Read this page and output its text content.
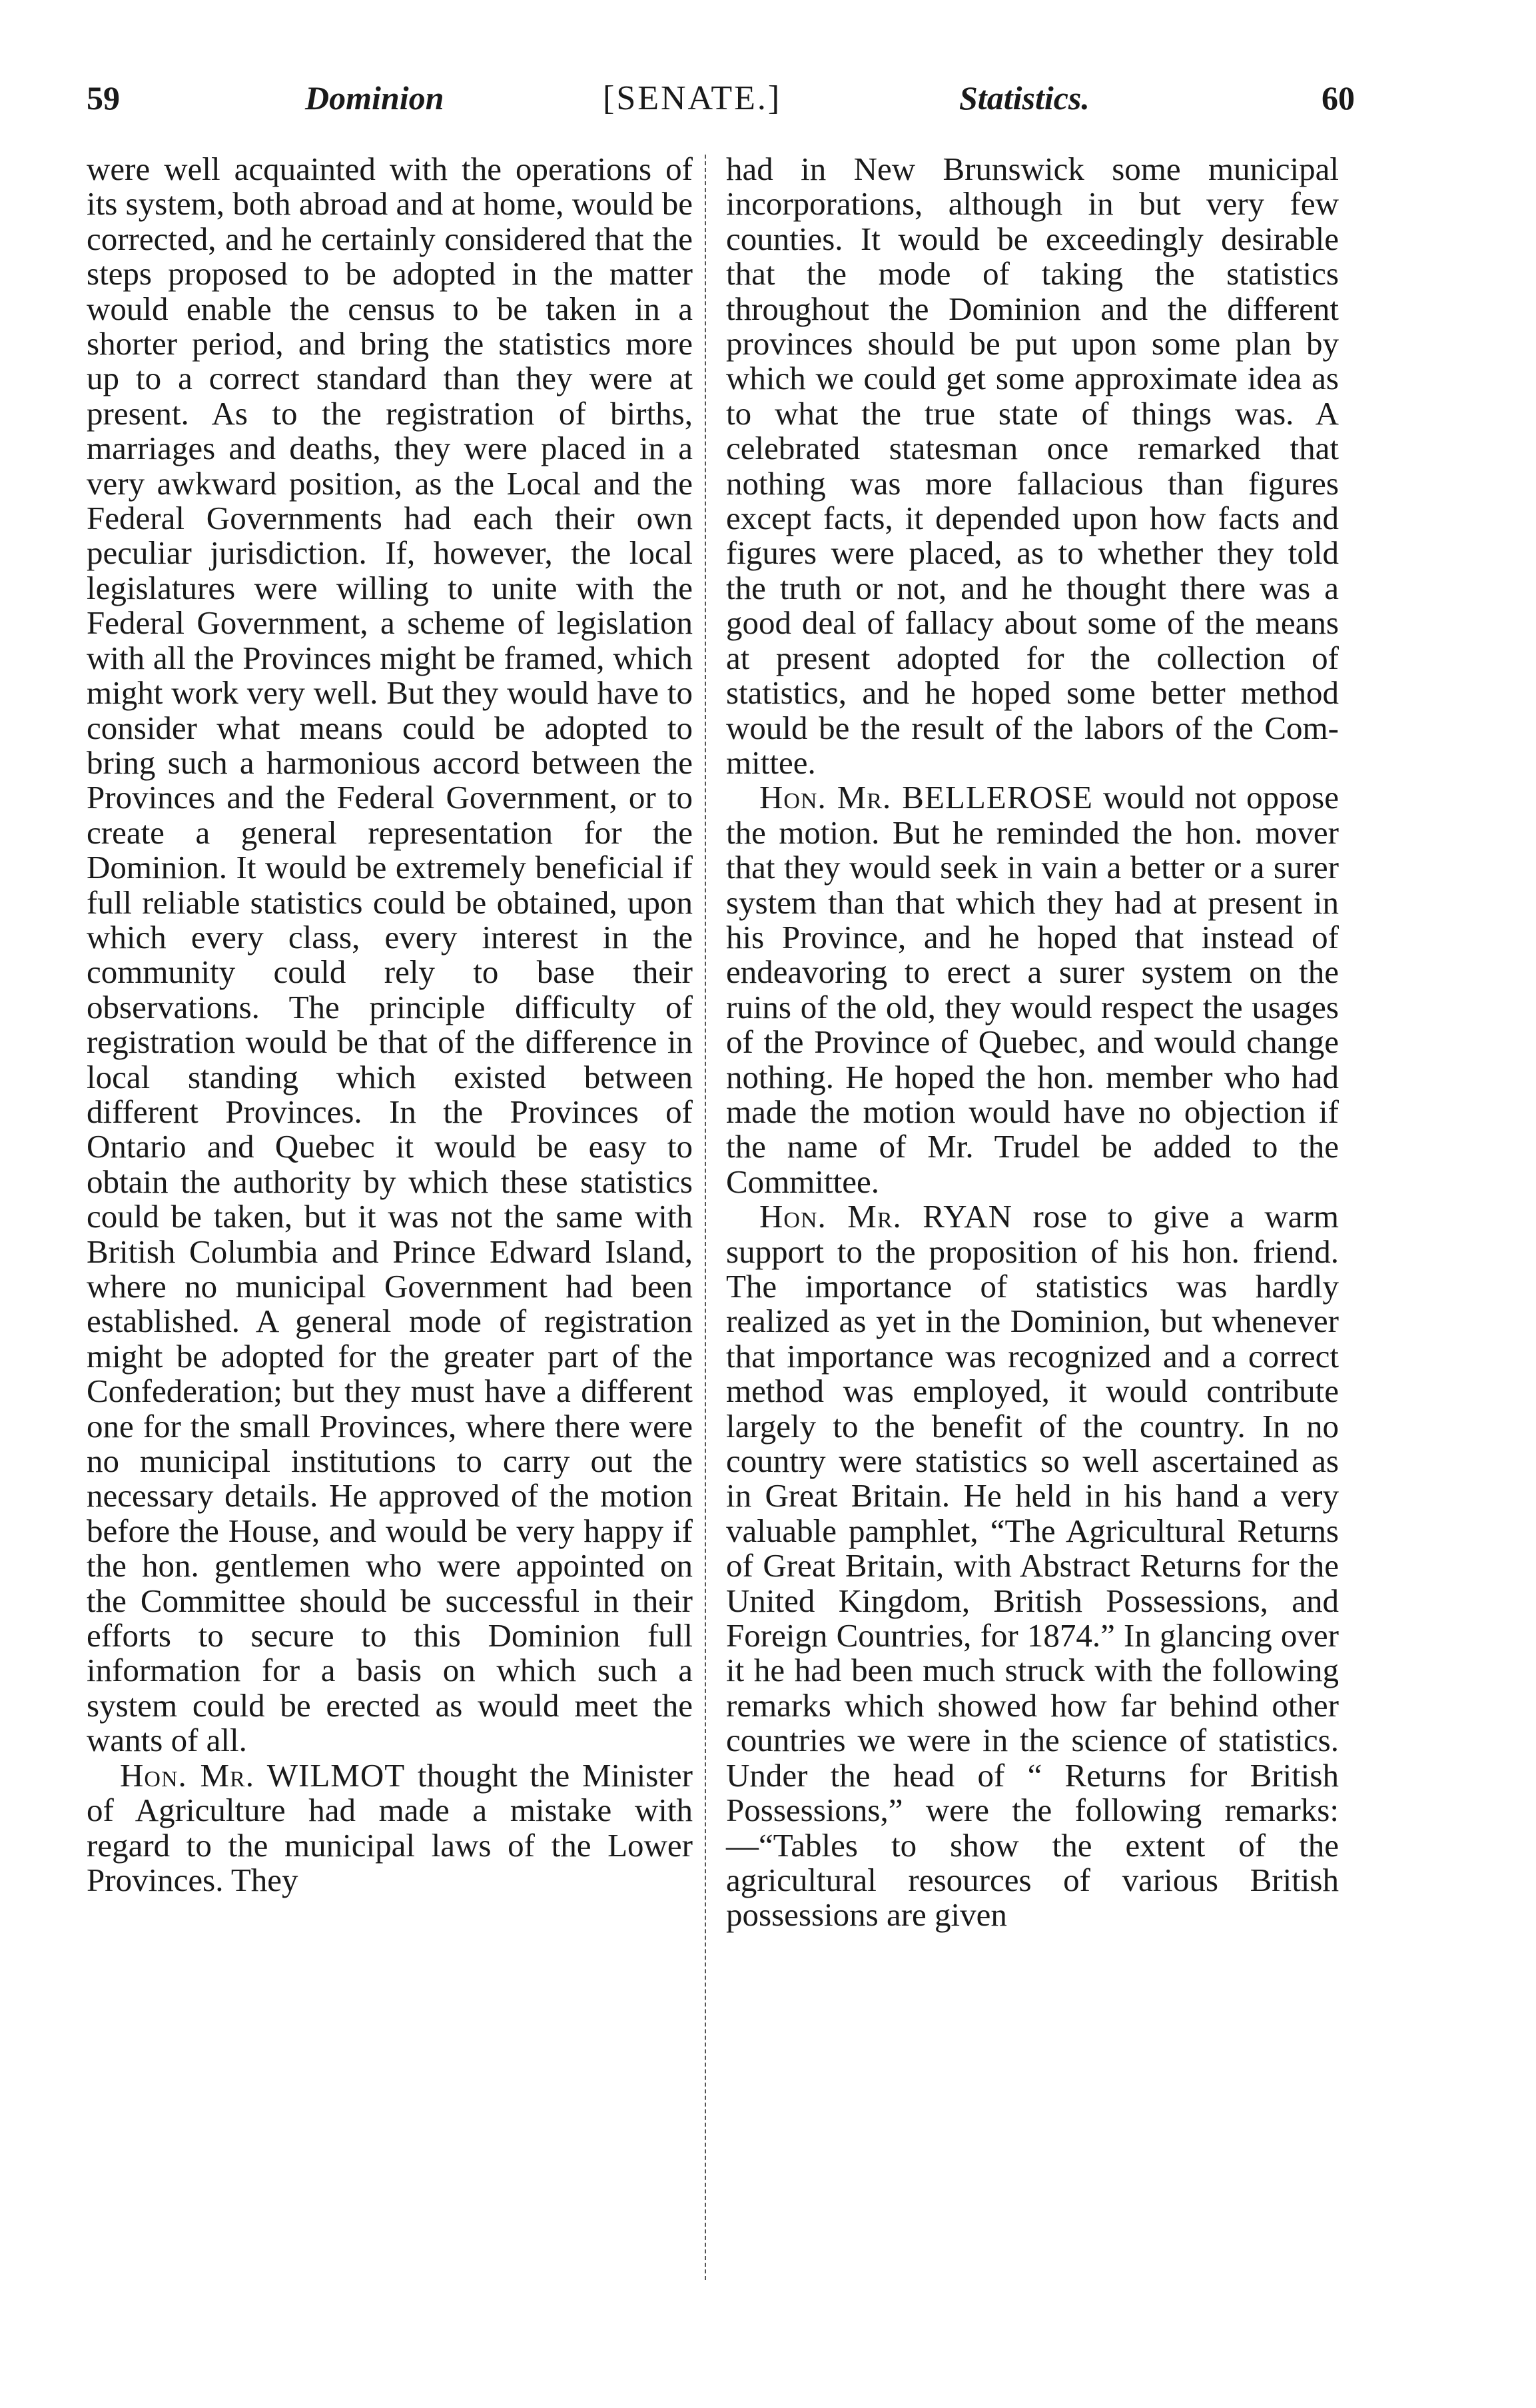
59	Dominion	[SENATE.]	Statistics.	60

were well acquainted with the operations of its system, both abroad and at home, would be corrected, and he certainly considered that the steps proposed to be adopted in the matter would enable the census to be taken in a shorter period, and bring the statistics more up to a correct standard than they were at present. As to the registration of births, marriages and deaths, they were placed in a very awkward position, as the Local and the Federal Governments had each their own peculiar jurisdiction. If, however, the local legislatures were willing to unite with the Federal Government, a scheme of legislation with all the Provinces might be framed, which might work very well. But they would have to consider what means could be adopted to bring such a harmonious accord between the Provinces and the Federal Government, or to create a general representation for the Dominion. It would be extremely beneficial if full reliable statistics could be obtained, upon which every class, every interest in the community could rely to base their observations. The principle difficulty of registration would be that of the difference in local standing which existed between different Provinces. In the Provinces of Ontario and Quebec it would be easy to obtain the authority by which these statistics could be taken, but it was not the same with British Columbia and Prince Edward Island, where no municipal Government had been established. A general mode of registration might be adopted for the greater part of the Confederation; but they must have a different one for the small Provinces, where there were no municipal institutions to carry out the necessary details. He approved of the motion before the House, and would be very happy if the hon. gentlemen who were appointed on the Committee should be successful in their efforts to secure to this Dominion full information for a basis on which such a system could be erected as would meet the wants of all.

Hon. Mr. WILMOT thought the Minister of Agriculture had made a mistake with regard to the municipal laws of the Lower Provinces. They

had in New Brunswick some municipal incorporations, although in but very few counties. It would be exceedingly desirable that the mode of taking the statistics throughout the Dominion and the different provinces should be put upon some plan by which we could get some approximate idea as to what the true state of things was. A celebrated statesman once remarked that nothing was more fallacious than figures except facts, it depended upon how facts and figures were placed, as to whether they told the truth or not, and he thought there was a good deal of fallacy about some of the means at present adopted for the collection of statistics, and he hoped some better method would be the result of the labors of the Committee.

Hon. Mr. BELLEROSE would not oppose the motion. But he reminded the hon. mover that they would seek in vain a better or a surer system than that which they had at present in his Province, and he hoped that instead of endeavoring to erect a surer system on the ruins of the old, they would respect the usages of the Province of Quebec, and would change nothing. He hoped the hon. member who had made the motion would have no objection if the name of Mr. Trudel be added to the Committee.

Hon. Mr. RYAN rose to give a warm support to the proposition of his hon. friend. The importance of statistics was hardly realized as yet in the Dominion, but whenever that importance was recognized and a correct method was employed, it would contribute largely to the benefit of the country. In no country were statistics so well ascertained as in Great Britain. He held in his hand a very valuable pamphlet, “The Agricultural Returns of Great Britain, with Abstract Returns for the United Kingdom, British Possessions, and Foreign Countries, for 1874.” In glancing over it he had been much struck with the following remarks which showed how far behind other countries we were in the science of statistics. Under the head of “ Returns for British Possessions,” were the following remarks:—“Tables to show the extent of the agricultural resources of various British possessions are given
